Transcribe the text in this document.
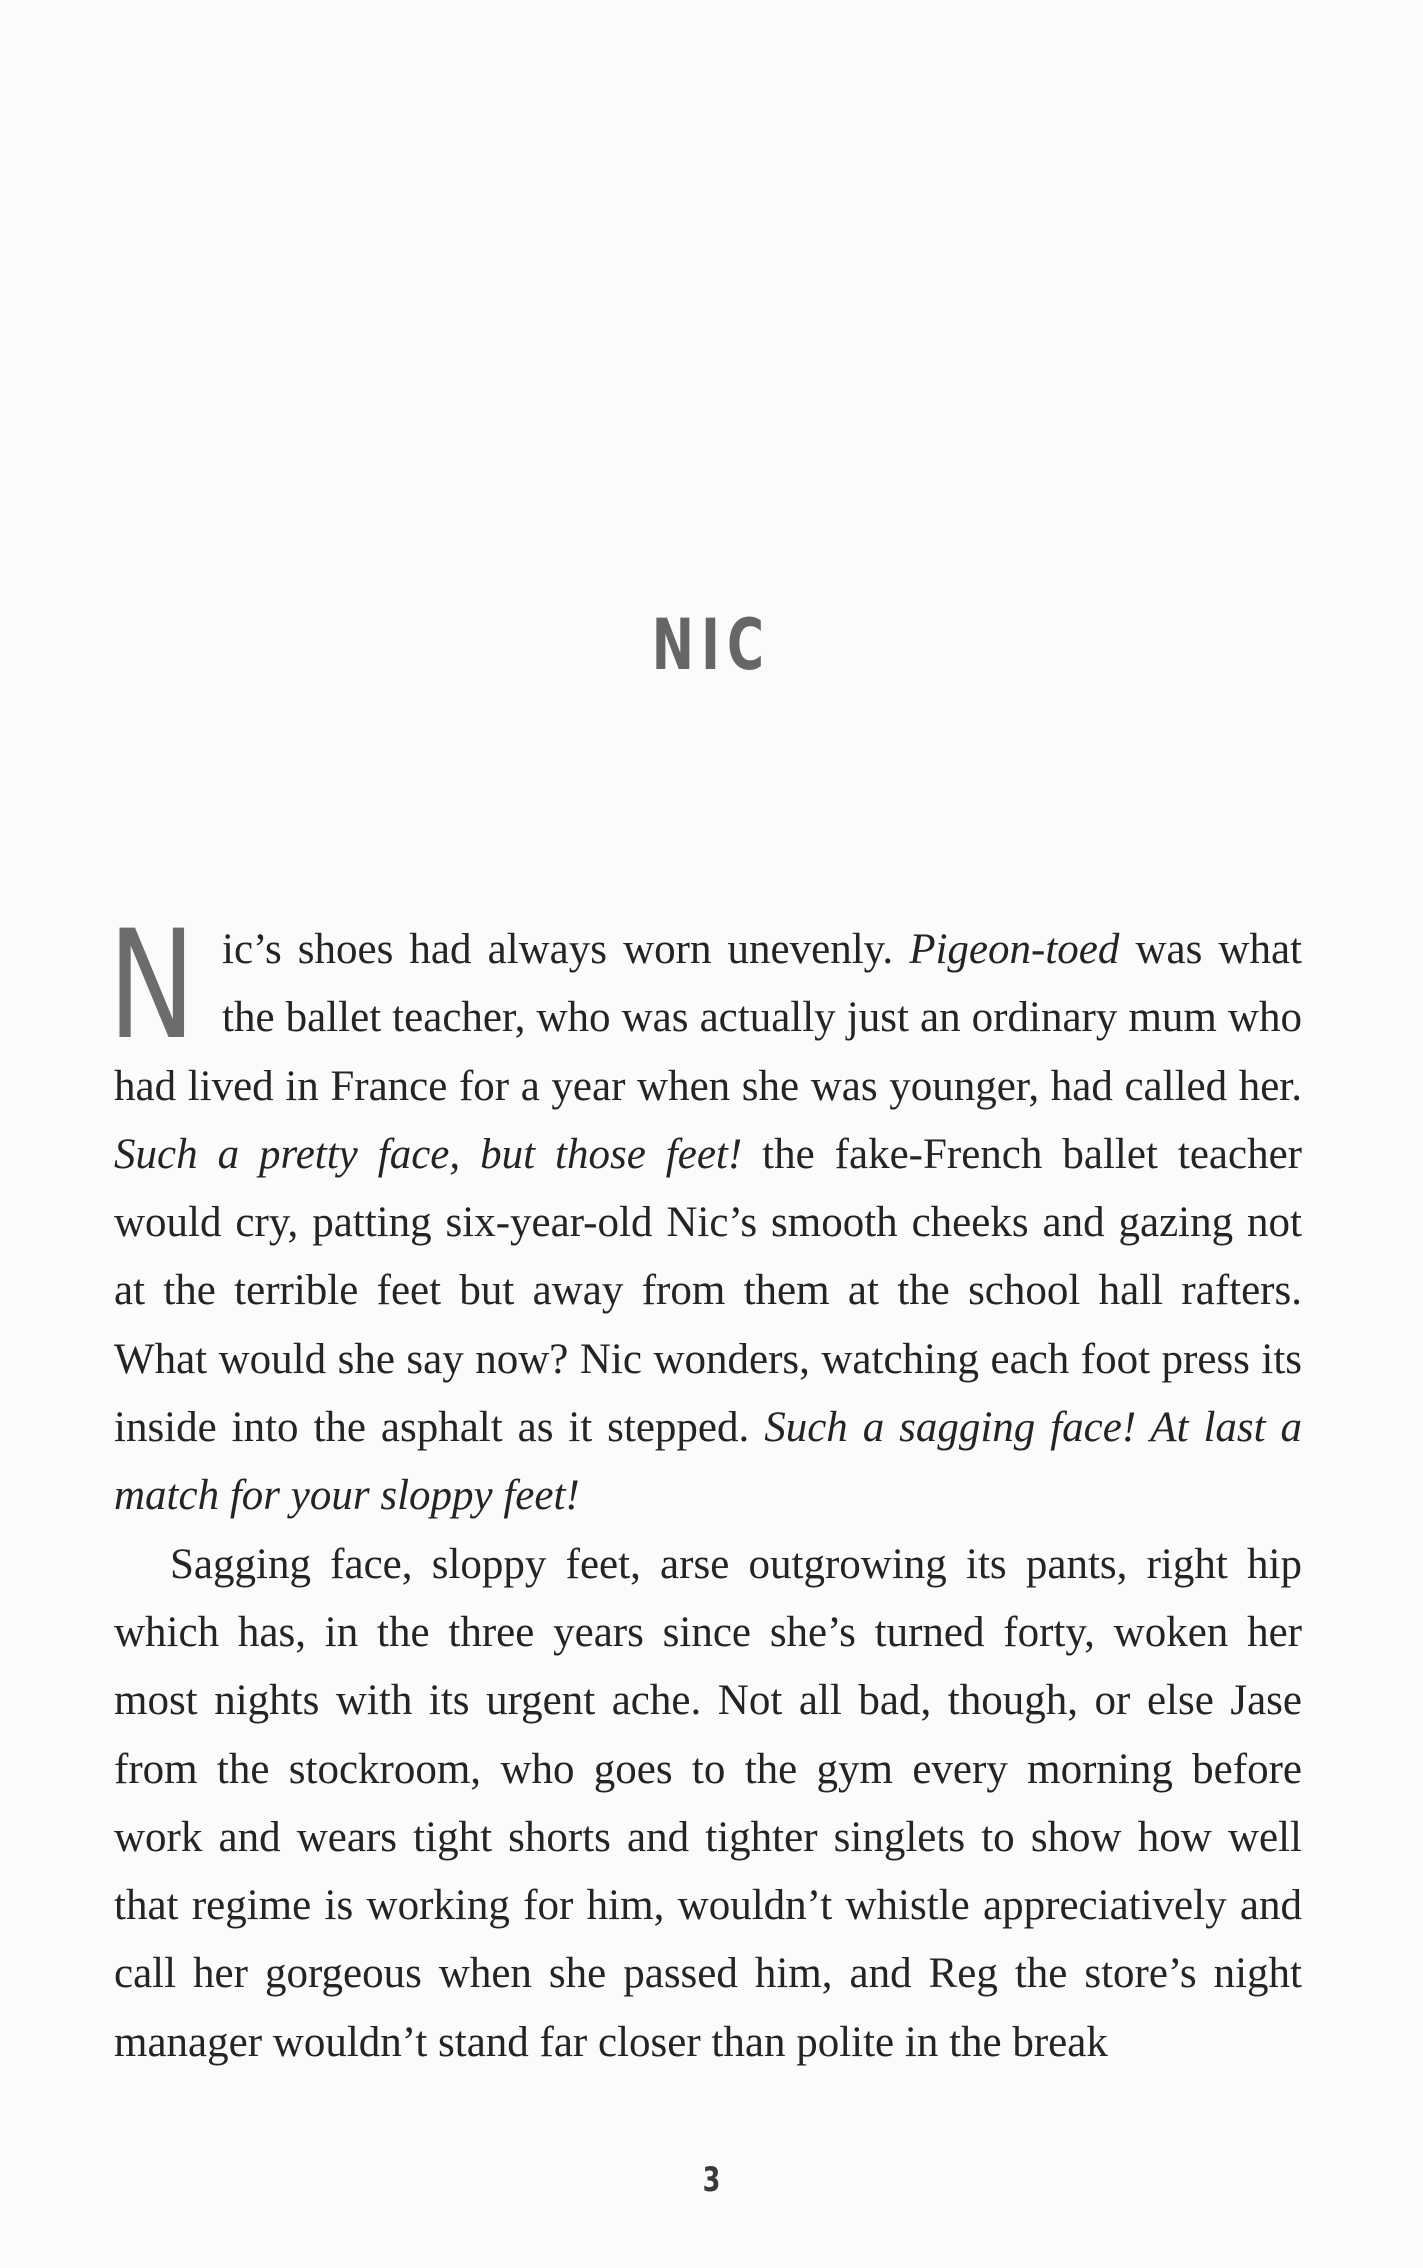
NIC

Nic’s shoes had always worn unevenly. Pigeon-toed was what the ballet teacher, who was actually just an ordinary mum who had lived in France for a year when she was younger, had called her. Such a pretty face, but those feet! the fake-French ballet teacher would cry, patting six-year-old Nic’s smooth cheeks and gazing not at the terrible feet but away from them at the school hall rafters. What would she say now? Nic wonders, watching each foot press its inside into the asphalt as it stepped. Such a sagging face! At last a match for your sloppy feet!

Sagging face, sloppy feet, arse outgrowing its pants, right hip which has, in the three years since she’s turned forty, woken her most nights with its urgent ache. Not all bad, though, or else Jase from the stockroom, who goes to the gym every morning before work and wears tight shorts and tighter singlets to show how well that regime is working for him, wouldn’t whistle appreciatively and call her gorgeous when she passed him, and Reg the store’s night manager wouldn’t stand far closer than polite in the break

3
